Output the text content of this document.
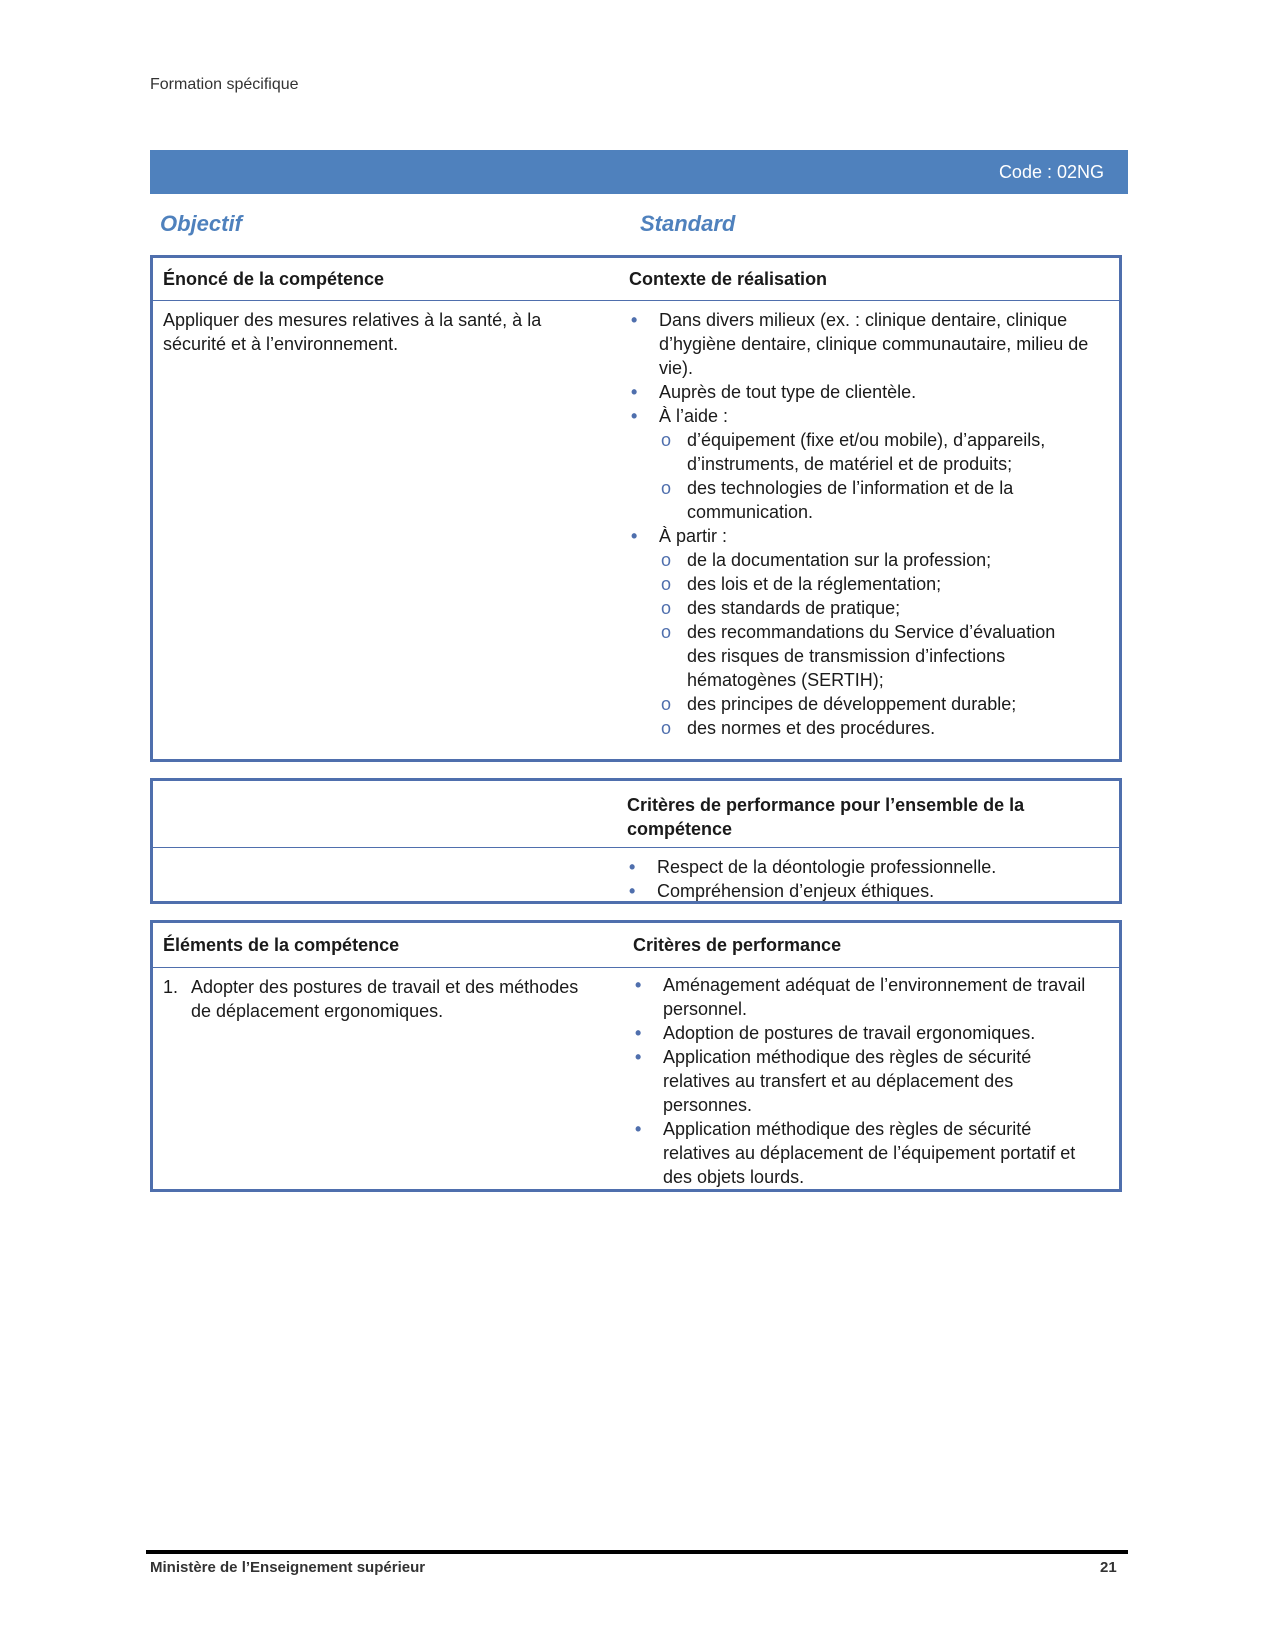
Formation spécifique
Code : 02NG
Objectif	Standard
Énoncé de la compétence	Contexte de réalisation
Appliquer des mesures relatives à la santé, à la sécurité et à l’environnement.
• Dans divers milieux (ex. : clinique dentaire, clinique d’hygiène dentaire, clinique communautaire, milieu de vie).
• Auprès de tout type de clientèle.
• À l’aide :
o d’équipement (fixe et/ou mobile), d’appareils, d’instruments, de matériel et de produits;
o des technologies de l’information et de la communication.
• À partir :
o de la documentation sur la profession;
o des lois et de la réglementation;
o des standards de pratique;
o des recommandations du Service d’évaluation des risques de transmission d’infections hématogènes (SERTIH);
o des principes de développement durable;
o des normes et des procédures.
Critères de performance pour l’ensemble de la compétence
• Respect de la déontologie professionnelle.
• Compréhension d’enjeux éthiques.
Éléments de la compétence	Critères de performance
1. Adopter des postures de travail et des méthodes de déplacement ergonomiques.
• Aménagement adéquat de l’environnement de travail personnel.
• Adoption de postures de travail ergonomiques.
• Application méthodique des règles de sécurité relatives au transfert et au déplacement des personnes.
• Application méthodique des règles de sécurité relatives au déplacement de l’équipement portatif et des objets lourds.
Ministère de l’Enseignement supérieur	21
